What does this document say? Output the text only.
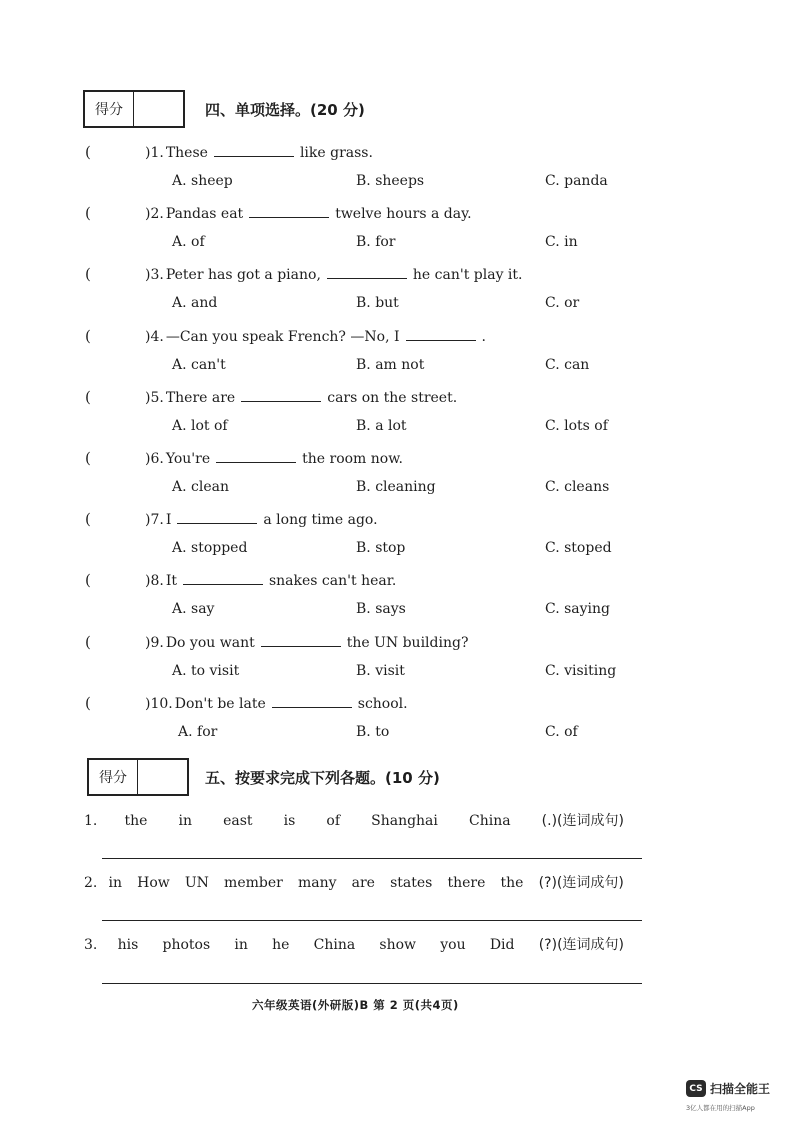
得分	四、单项选择。(20 分)
(	)1. These	like grass.
A. sheep	B. sheeps	C. panda
(	)2. Pandas eat	twelve hours a day.
A. of	B. for	C. in
(	)3. Peter has got a piano,	he can't play it.
A. and	B. but	C. or
(	)4. —Can you speak French? —No, I	.
A. can't	B. am not	C. can
(	)5. There are	cars on the street.
A. lot of	B. a lot	C. lots of
(	)6. You're	the room now.
A. clean	B. cleaning	C. cleans
(	)7. I	a long time ago.
A. stopped	B. stop	C. stoped
(	)8. It	snakes can't hear.
A. say	B. says	C. saying
(	)9. Do you want	the UN building?
A. to visit	B. visit	C. visiting
(	)10. Don't be late	school.
A. for	B. to	C. of
得分	五、按要求完成下列各题。(10 分)
1. the in east is of Shanghai China (.)(连词成句)
2. in How UN member many are states there the (?)(连词成句)
3. his photos in he China show you Did (?)(连词成句)
六年级英语(外研版)B 第 2 页(共4页)
CS 扫描全能王
3亿人都在用的扫描App
